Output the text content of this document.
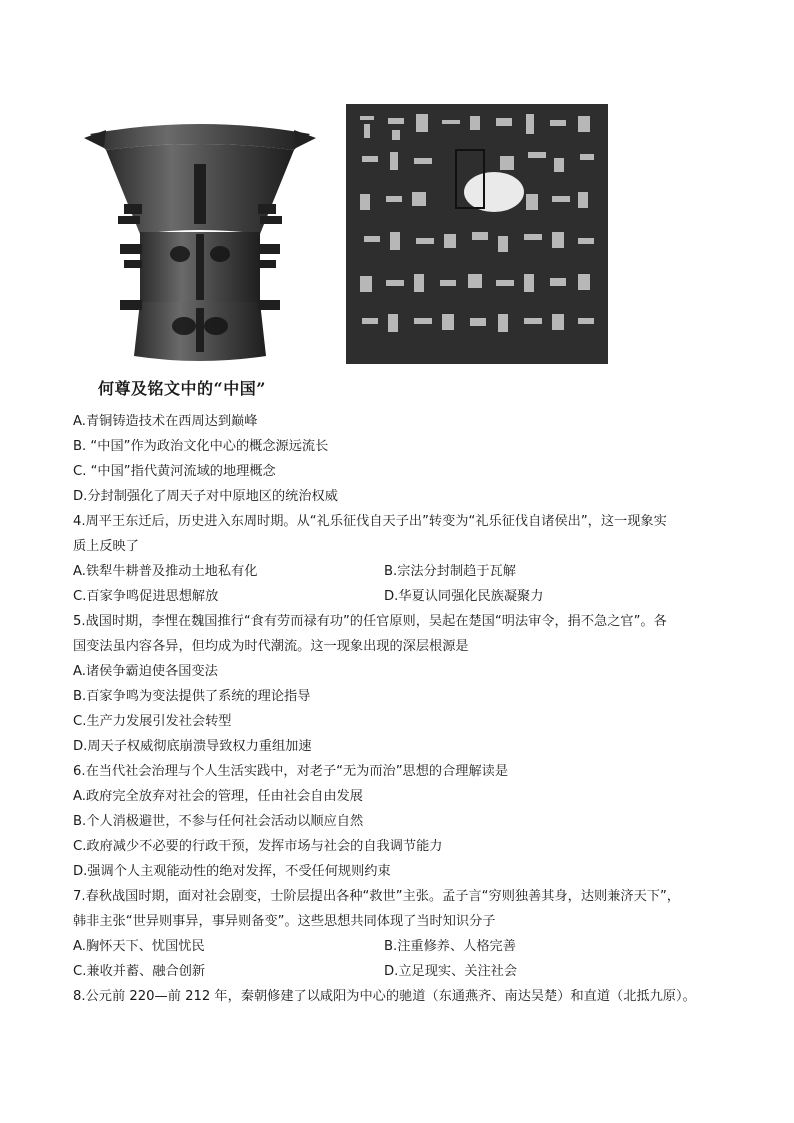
何尊及铭文中的“中国”
A.青铜铸造技术在西周达到巅峰
B. “中国”作为政治文化中心的概念源远流长
C. “中国”指代黄河流域的地理概念
D.分封制强化了周天子对中原地区的统治权威
4.周平王东迁后，历史进入东周时期。从“礼乐征伐自天子出”转变为“礼乐征伐自诸侯出”，这一现象实
质上反映了
A.铁犁牛耕普及推动土地私有化	B.宗法分封制趋于瓦解
C.百家争鸣促进思想解放	D.华夏认同强化民族凝聚力
5.战国时期，李悝在魏国推行“食有劳而禄有功”的任官原则，吴起在楚国“明法审令，捐不急之官”。各
国变法虽内容各异，但均成为时代潮流。这一现象出现的深层根源是
A.诸侯争霸迫使各国变法
B.百家争鸣为变法提供了系统的理论指导
C.生产力发展引发社会转型
D.周天子权威彻底崩溃导致权力重组加速
6.在当代社会治理与个人生活实践中，对老子“无为而治”思想的合理解读是
A.政府完全放弃对社会的管理，任由社会自由发展
B.个人消极避世，不参与任何社会活动以顺应自然
C.政府减少不必要的行政干预，发挥市场与社会的自我调节能力
D.强调个人主观能动性的绝对发挥，不受任何规则约束
7.春秋战国时期，面对社会剧变，士阶层提出各种“救世”主张。孟子言“穷则独善其身，达则兼济天下”，
韩非主张“世异则事异，事异则备变”。这些思想共同体现了当时知识分子
A.胸怀天下、忧国忧民	B.注重修养、人格完善
C.兼收并蓄、融合创新	D.立足现实、关注社会
8.公元前 220—前 212 年，秦朝修建了以咸阳为中心的驰道（东通燕齐、南达吴楚）和直道（北抵九原）。
